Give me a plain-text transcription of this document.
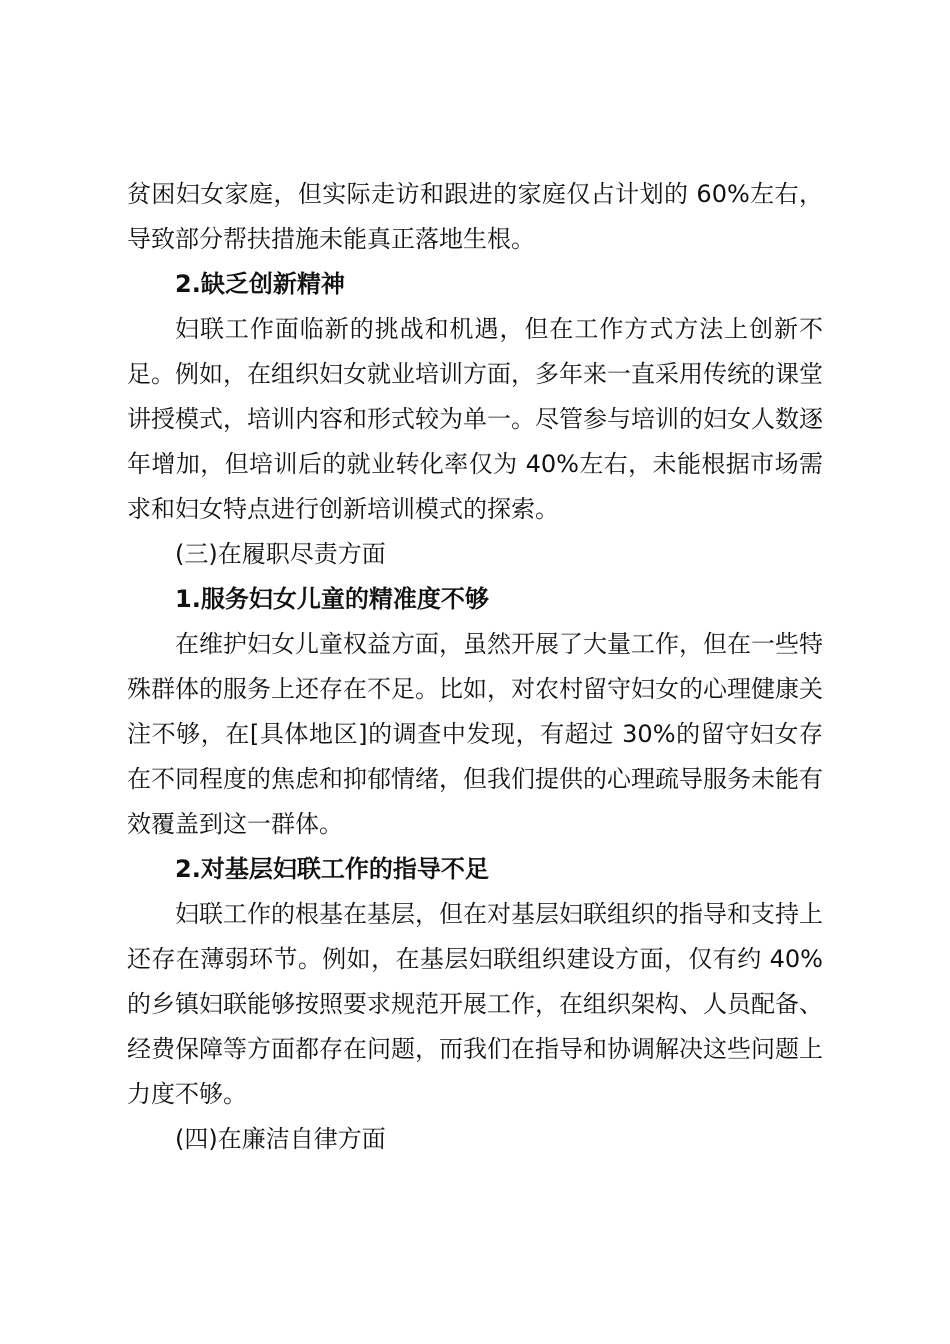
贫困妇女家庭，但实际走访和跟进的家庭仅占计划的 60%左右，导致部分帮扶措施未能真正落地生根。

2.缺乏创新精神

妇联工作面临新的挑战和机遇，但在工作方式方法上创新不足。例如，在组织妇女就业培训方面，多年来一直采用传统的课堂讲授模式，培训内容和形式较为单一。尽管参与培训的妇女人数逐年增加，但培训后的就业转化率仅为 40%左右，未能根据市场需求和妇女特点进行创新培训模式的探索。

(三)在履职尽责方面

1.服务妇女儿童的精准度不够

在维护妇女儿童权益方面，虽然开展了大量工作，但在一些特殊群体的服务上还存在不足。比如，对农村留守妇女的心理健康关注不够，在[具体地区]的调查中发现，有超过 30%的留守妇女存在不同程度的焦虑和抑郁情绪，但我们提供的心理疏导服务未能有效覆盖到这一群体。

2.对基层妇联工作的指导不足

妇联工作的根基在基层，但在对基层妇联组织的指导和支持上还存在薄弱环节。例如，在基层妇联组织建设方面，仅有约 40%的乡镇妇联能够按照要求规范开展工作，在组织架构、人员配备、经费保障等方面都存在问题，而我们在指导和协调解决这些问题上力度不够。

(四)在廉洁自律方面
